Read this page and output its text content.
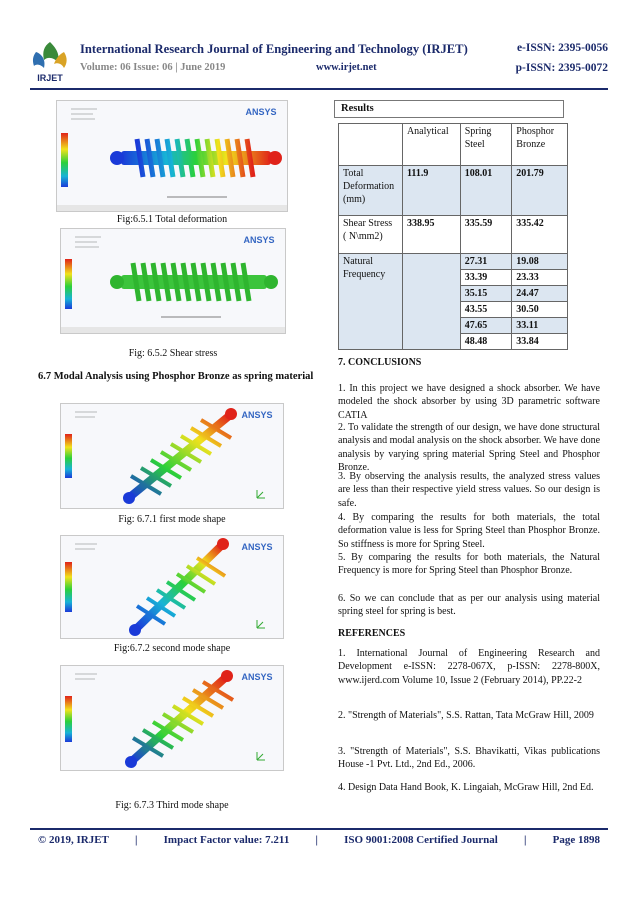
IRJET
International Research Journal of Engineering and Technology (IRJET)	e-ISSN: 2395-0056
Volume: 06 Issue: 06 | June 2019	www.irjet.net	p-ISSN: 2395-0072
ANSYS
Fig:6.5.1 Total deformation
ANSYS
Fig: 6.5.2 Shear stress
6.7 Modal Analysis using Phosphor Bronze as spring material
ANSYS
Fig: 6.7.1 first mode shape
ANSYS
Fig:6.7.2 second mode shape
ANSYS
Fig: 6.7.3 Third mode shape
Results
	Analytical	Spring Steel	Phosphor Bronze
Total Deformation (mm)	111.9	108.01	201.79
Shear Stress ( N\mm2)	338.95	335.59	335.42
Natural Frequency		27.31	19.08
		33.39	23.33
		35.15	24.47
		43.55	30.50
		47.65	33.11
		48.48	33.84
7. CONCLUSIONS
1. In this project we have designed a shock absorber. We have modeled the shock absorber by using 3D parametric software CATIA
2. To validate the strength of our design, we have done structural analysis and modal analysis on the shock absorber. We have done analysis by varying spring material Spring Steel and Phosphor Bronze.
3. By observing the analysis results, the analyzed stress values are less than their respective yield stress values. So our design is safe.
4. By comparing the results for both materials, the total deformation value is less for Spring Steel than Phosphor Bronze. So stiffness is more for Spring Steel.
5. By comparing the results for both materials, the Natural Frequency is more for Spring Steel than Phosphor Bronze.
6. So we can conclude that as per our analysis using material spring steel for spring is best.
REFERENCES
1. International Journal of Engineering Research and Development e-ISSN: 2278-067X, p-ISSN: 2278-800X, www.ijerd.com Volume 10, Issue 2 (February 2014), PP.22-2
2. "Strength of Materials", S.S. Rattan, Tata McGraw Hill, 2009
3. "Strength of Materials", S.S. Bhavikatti, Vikas publications House -1 Pvt. Ltd., 2nd Ed., 2006.
4. Design Data Hand Book, K. Lingaiah, McGraw Hill, 2nd Ed.
© 2019, IRJET | Impact Factor value: 7.211 | ISO 9001:2008 Certified Journal | Page 1898
